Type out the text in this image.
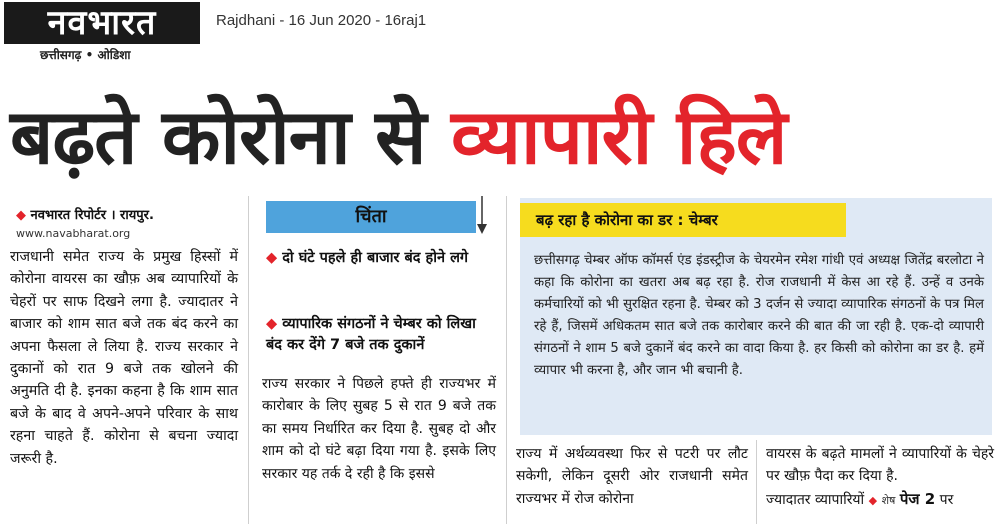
नवभारत
छत्तीसगढ़ • ओडिशा
Rajdhani - 16 Jun 2020 - 16raj1
बढ़ते कोरोना से व्यापारी हिले
◆ नवभारत रिपोर्टर । रायपुर.
www.navabharat.org
राजधानी समेत राज्य के प्रमुख हिस्सों में कोरोना वायरस का खौफ़ अब व्यापारियों के चेहरों पर साफ दिखने लगा है. ज्यादातर ने बाजार को शाम सात बजे तक बंद करने का अपना फैसला ले लिया है. राज्य सरकार ने दुकानों को रात 9 बजे तक खोलने की अनुमति दी है. इनका कहना है कि शाम सात बजे के बाद वे अपने-अपने परिवार के साथ रहना चाहते हैं. कोरोना से बचना ज्यादा जरूरी है.
चिंता
◆ दो घंटे पहले ही बाजार बंद होने लगे
◆ व्यापारिक संगठनों ने चेम्बर को लिखा बंद कर देंगे 7 बजे तक दुकानें
राज्य सरकार ने पिछले हफ्ते ही राज्यभर में कारोबार के लिए सुबह 5 से रात 9 बजे तक का समय निर्धारित कर दिया है. सुबह दो और शाम को दो घंटे बढ़ा दिया गया है. इसके लिए सरकार यह तर्क दे रही है कि इससे
बढ़ रहा है कोरोना का डर : चेम्बर
छत्तीसगढ़ चेम्बर ऑफ कॉमर्स एंड इंडस्ट्रीज के चेयरमेन रमेश गांधी एवं अध्यक्ष जितेंद्र बरलोटा ने कहा कि कोरोना का खतरा अब बढ़ रहा है. रोज राजधानी में केस आ रहे हैं. उन्हें व उनके कर्मचारियों को भी सुरक्षित रहना है. चेम्बर को 3 दर्जन से ज्यादा व्यापारिक संगठनों के पत्र मिल रहे हैं, जिसमें अधिकतम सात बजे तक कारोबार करने की बात की जा रही है. एक-दो व्यापारी संगठनों ने शाम 5 बजे दुकानें बंद करने का वादा किया है. हर किसी को कोरोना का डर है. हमें व्यापार भी करना है, और जान भी बचानी है.
राज्य में अर्थव्यवस्था फिर से पटरी पर लौट सकेगी, लेकिन दूसरी ओर राजधानी समेत राज्यभर में रोज कोरोना
वायरस के बढ़ते मामलों ने व्यापारियों के चेहरे पर खौफ़ पैदा कर दिया है.
ज्यादातर व्यापारियों ◆ शेष पेज 2 पर
